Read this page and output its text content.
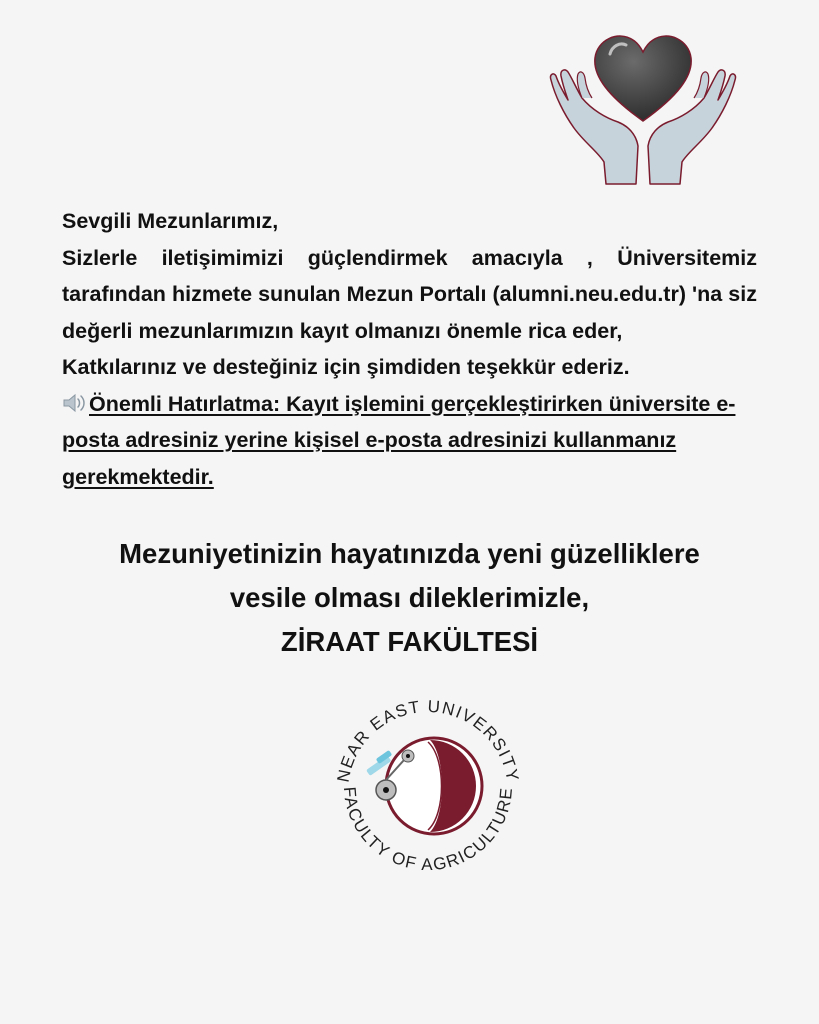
Sevgili Mezunlarımız,

Sizlerle iletişimimizi güçlendirmek amacıyla , Üniversitemiz tarafından hizmete sunulan Mezun Portalı (alumni.neu.edu.tr) 'na siz değerli mezunlarımızın kayıt olmanızı önemle rica eder,

Katkılarınız ve desteğiniz için şimdiden teşekkür ederiz.

Önemli Hatırlatma: Kayıt işlemini gerçekleştirirken üniversite e-posta adresiniz yerine kişisel e-posta adresinizi kullanmanız gerekmektedir.

Mezuniyetinizin hayatınızda yeni güzelliklere

vesile olması dileklerimizle,

ZİRAAT FAKÜLTESİ

NEAR EAST UNIVERSITY
FACULTY OF AGRICULTURE
